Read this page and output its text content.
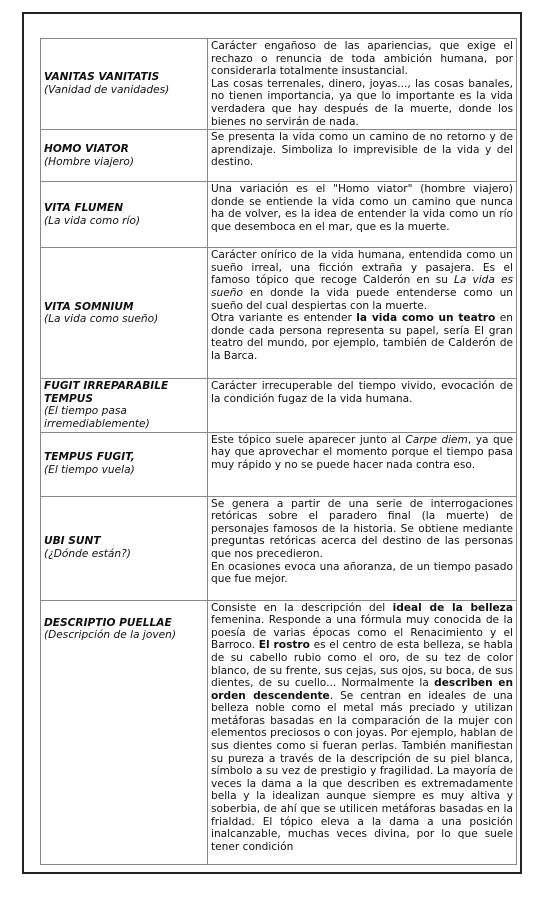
VANITAS VANITATIS
(Vanidad de vanidades)	Carácter engañoso de las apariencias, que exige el rechazo o renuncia de toda ambición humana, por considerarla totalmente insustancial.
Las cosas terrenales, dinero, joyas..., las cosas banales, no tienen importancia, ya que lo importante es la vida verdadera que hay después de la muerte, donde los bienes no servirán de nada.

HOMO VIATOR
(Hombre viajero)	Se presenta la vida como un camino de no retorno y de aprendizaje. Simboliza lo imprevisible de la vida y del destino.

VITA FLUMEN
(La vida como río)	Una variación es el "Homo viator" (hombre viajero) donde se entiende la vida como un camino que nunca ha de volver, es la idea de entender la vida como un río que desemboca en el mar, que es la muerte.

VITA SOMNIUM
(La vida como sueño)	Carácter onírico de la vida humana, entendida como un sueño irreal, una ficción extraña y pasajera. Es el famoso tópico que recoge Calderón en su La vida es sueño en donde la vida puede entenderse como un sueño del cual despiertas con la muerte.
Otra variante es entender la vida como un teatro en donde cada persona representa su papel, sería El gran teatro del mundo, por ejemplo, también de Calderón de la Barca.

FUGIT IRREPARABILE TEMPUS
(El tiempo pasa irremediablemente)	Carácter irrecuperable del tiempo vivido, evocación de la condición fugaz de la vida humana.

TEMPUS FUGIT,
(El tiempo vuela)	Este tópico suele aparecer junto al Carpe diem, ya que hay que aprovechar el momento porque el tiempo pasa muy rápido y no se puede hacer nada contra eso.

UBI SUNT
(¿Dónde están?)	Se genera a partir de una serie de interrogaciones retóricas sobre el paradero final (la muerte) de personajes famosos de la historia. Se obtiene mediante preguntas retóricas acerca del destino de las personas que nos precedieron.
En ocasiones evoca una añoranza, de un tiempo pasado que fue mejor.

DESCRIPTIO PUELLAE
(Descripción de la joven)	Consiste en la descripción del ideal de la belleza femenina. Responde a una fórmula muy conocida de la poesía de varias épocas como el Renacimiento y el Barroco. El rostro es el centro de esta belleza, se habla de su cabello rubio como el oro, de su tez de color blanco, de su frente, sus cejas, sus ojos, su boca, de sus dientes, de su cuello... Normalmente la describen en orden descendente. Se centran en ideales de una belleza noble como el metal más preciado y utilizan metáforas basadas en la comparación de la mujer con elementos preciosos o con joyas. Por ejemplo, hablan de sus dientes como si fueran perlas. También manifiestan su pureza a través de la descripción de su piel blanca, símbolo a su vez de prestigio y fragilidad. La mayoría de veces la dama a la que describen es extremadamente bella y la idealizan aunque siempre es muy altiva y soberbia, de ahí que se utilicen metáforas basadas en la frialdad. El tópico eleva a la dama a una posición inalcanzable, muchas veces divina, por lo que suele tener condición
